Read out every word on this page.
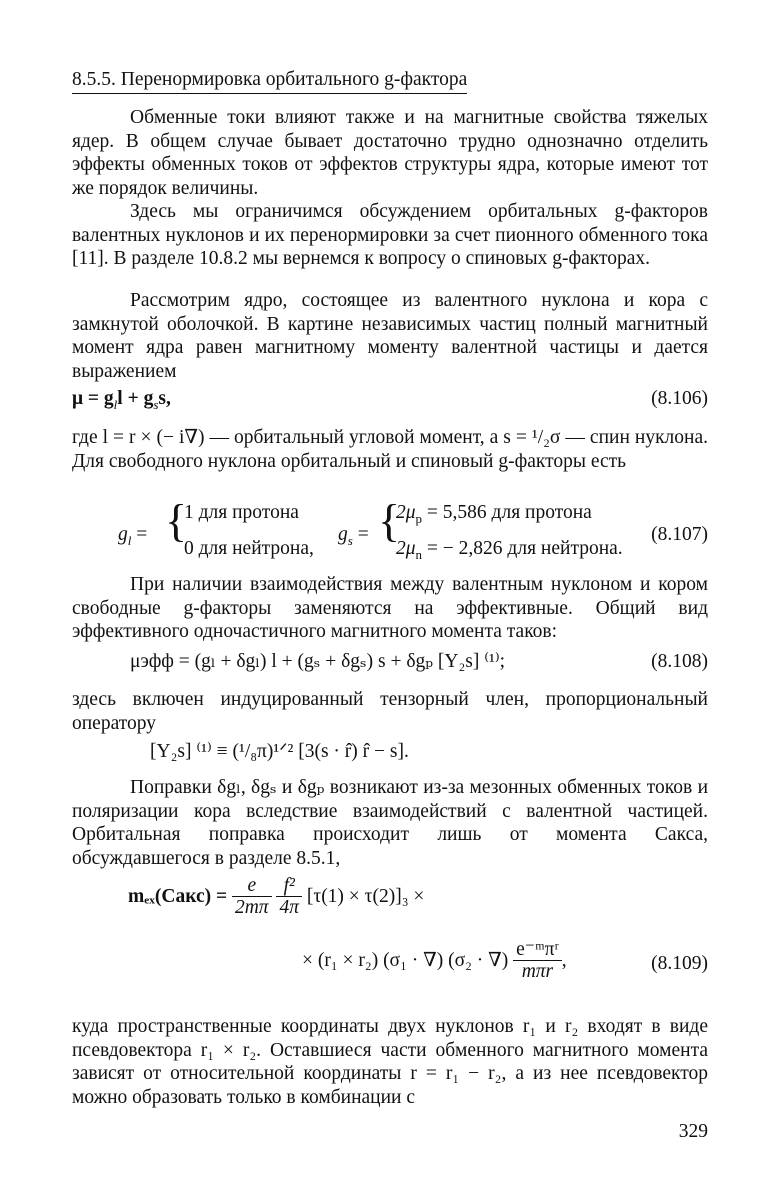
8.5.5. Перенормировка орбитального g-фактора
Обменные токи влияют также и на магнитные свойства тяжелых ядер. В общем случае бывает достаточно трудно однозначно отделить эффекты обменных токов от эффектов структуры ядра, которые имеют тот же порядок величины.
Здесь мы ограничимся обсуждением орбитальных g-факторов валентных нуклонов и их перенормировки за счет пионного обменного тока [11]. В разделе 10.8.2 мы вернемся к вопросу о спиновых g-факторах.
Рассмотрим ядро, состоящее из валентного нуклона и кора с замкнутой оболочкой. В картине независимых частиц полный магнитный момент ядра равен магнитному моменту валентной частицы и дается выражением
$\mu = g_ll + g_ss$,	(8.106)
где l = r × (− i∇) — орбитальный угловой момент, а s = ¹/₂σ — спин нуклона. Для свободного нуклона орбитальный и спиновый g-факторы есть
$g_l$ = {
1 для протона
0 для нейтрона,
$g_s$ = {
$2\mu_p = 5,586$ для протона
$2\mu_n$ = − 2,826 для нейтрона.
(8.107)
При наличии взаимодействия между валентным нуклоном и кором свободные g-факторы заменяются на эффективные. Общий вид эффективного одночастичного магнитного момента таков:
μэфф = (gₗ + δgₗ) l + (gₛ + δgₛ) s + δgₚ [Y₂s] ⁽¹⁾;	(8.108)
здесь включен индуцированный тензорный член, пропорциональный оператору
[Y₂s] ⁽¹⁾ ≡ (¹/₈π)¹ᐟ² [3(s · r̂) r̂ − s].
Поправки δgₗ, δgₛ и δgₚ возникают из-за мезонных обменных токов и поляризации кора вследствие взаимодействий с валентной частицей. Орбитальная поправка происходит лишь от момента Сакса, обсуждавшегося в разделе 8.5.1,
mₑₓ(Сакс) = $\frac{e}{2m\pi}$
$\frac{\text{f²}}{4\pi} [\tau(1) \times \tau(2)]_3$ ×
× (r₁ × r₂) (σ₁ · ∇) (σ₂ · ∇) $\frac{\text{e⁻ᵐπʳ}}{\text{mπr}}$ ,	(8.109)
куда пространственные координаты двух нуклонов r₁ и r₂ входят в виде псевдовектора r₁ × r₂. Оставшиеся части обменного магнитного момента зависят от относительной координаты r = r₁ − r₂, а из нее псевдовектор можно образовать только в комбинации с
329
